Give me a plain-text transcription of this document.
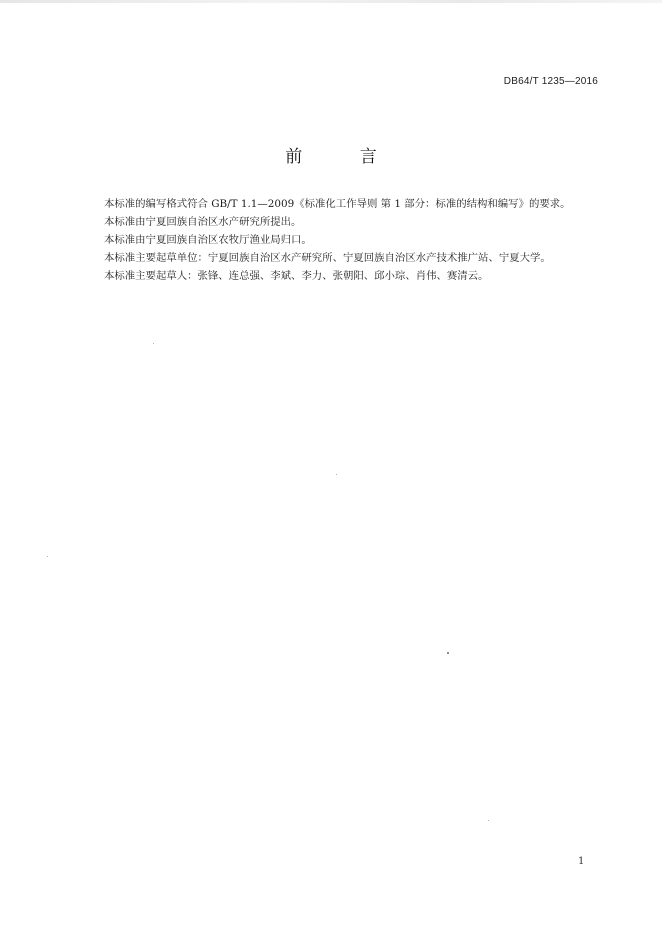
DB64/T 1235—2016
前 言
本标准的编写格式符合 GB/T 1.1—2009《标准化工作导则 第 1 部分：标准的结构和编写》的要求。
本标准由宁夏回族自治区水产研究所提出。
本标准由宁夏回族自治区农牧厅渔业局归口。
本标准主要起草单位：宁夏回族自治区水产研究所、宁夏回族自治区水产技术推广站、宁夏大学。
本标准主要起草人：张锋、连总强、李斌、李力、张朝阳、邱小琮、肖伟、赛清云。
1
